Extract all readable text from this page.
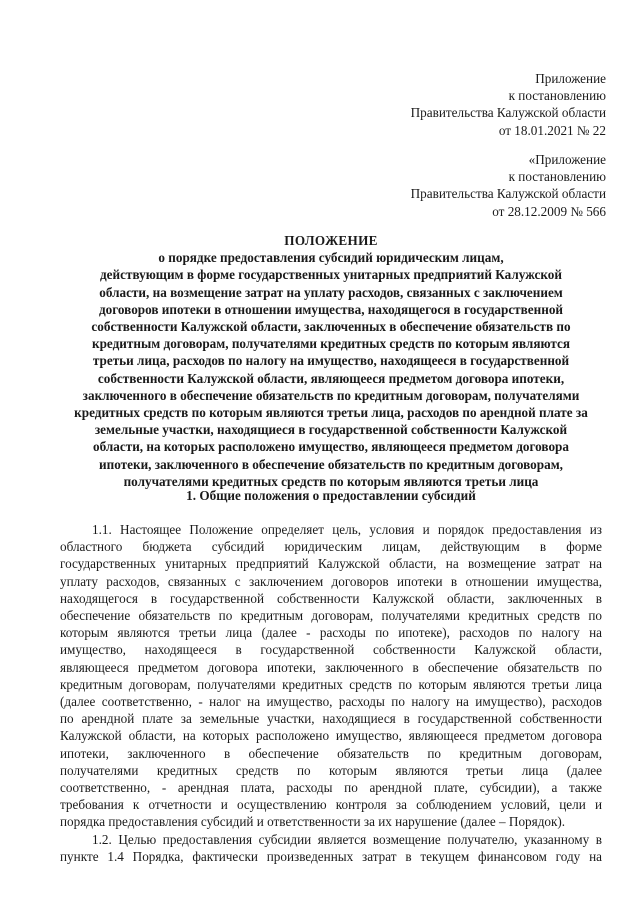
Приложение
к постановлению
Правительства Калужской области
от 18.01.2021 № 22
«Приложение
к постановлению
Правительства Калужской области
от 28.12.2009 № 566
ПОЛОЖЕНИЕ
о порядке предоставления субсидий юридическим лицам,
действующим в форме государственных унитарных предприятий Калужской
области, на возмещение затрат на уплату расходов, связанных с заключением
договоров ипотеки в отношении имущества, находящегося в государственной
собственности Калужской области, заключенных в обеспечение обязательств по
кредитным договорам, получателями кредитных средств по которым являются
третьи лица, расходов по налогу на имущество, находящееся в государственной
собственности Калужской области, являющееся предметом договора ипотеки,
заключенного в обеспечение обязательств по кредитным договорам, получателями
кредитных средств по которым являются третьи лица, расходов по арендной плате за
земельные участки, находящиеся в государственной собственности Калужской
области, на которых расположено имущество, являющееся предметом договора
ипотеки, заключенного в обеспечение обязательств по кредитным договорам,
получателями кредитных средств по которым являются третьи лица
1. Общие положения о предоставлении субсидий
1.1. Настоящее Положение определяет цель, условия и порядок предоставления из
областного бюджета субсидий юридическим лицам, действующим в форме
государственных унитарных предприятий Калужской области, на возмещение затрат на
уплату расходов, связанных с заключением договоров ипотеки в отношении имущества,
находящегося в государственной собственности Калужской области, заключенных в
обеспечение обязательств по кредитным договорам, получателями кредитных средств по
которым являются третьи лица (далее - расходы по ипотеке), расходов по налогу на
имущество, находящееся в государственной собственности Калужской области,
являющееся предметом договора ипотеки, заключенного в обеспечение обязательств по
кредитным договорам, получателями кредитных средств по которым являются третьи лица
(далее соответственно, - налог на имущество, расходы по налогу на имущество), расходов
по арендной плате за земельные участки, находящиеся в государственной собственности
Калужской области, на которых расположено имущество, являющееся предметом договора
ипотеки, заключенного в обеспечение обязательств по кредитным договорам,
получателями кредитных средств по которым являются третьи лица (далее
соответственно, - арендная плата, расходы по арендной плате, субсидии), а также
требования к отчетности и осуществлению контроля за соблюдением условий, цели и
порядка предоставления субсидий и ответственности за их нарушение (далее – Порядок).
1.2. Целью предоставления субсидии является возмещение получателю, указанному в
пункте 1.4 Порядка, фактически произведенных затрат в текущем финансовом году на
